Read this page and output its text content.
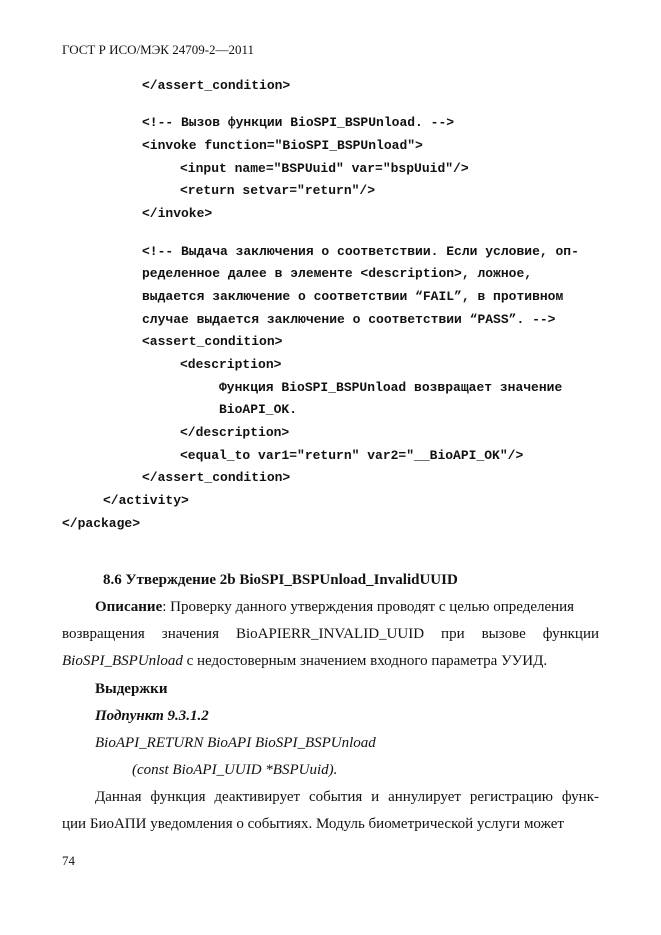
ГОСТ Р ИСО/МЭК 24709-2—2011
</assert_condition>
<!-- Вызов функции BioSPI_BSPUnload. -->
<invoke function="BioSPI_BSPUnload">
<input name="BSPUuid" var="bspUuid"/>
<return setvar="return"/>
</invoke>
<!-- Выдача заключения о соответствии. Если условие, оп-
ределенное далее в элементе <description>, ложное,
выдается заключение о соответствии “FAIL”, в противном
случае выдается заключение о соответствии “PASS”. -->
<assert_condition>
<description>
Функция BioSPI_BSPUnload возвращает значение
BioAPI_OK.
</description>
<equal_to var1="return" var2="__BioAPI_OK"/>
</assert_condition>
</activity>
</package>
8.6 Утверждение 2b BioSPI_BSPUnload_InvalidUUID
Описание: Проверку данного утверждения проводят с целью определения
возвращения значения BioAPIERR_INVALID_UUID при вызове функции
BioSPI_BSPUnload с недостоверным значением входного параметра УУИД.
Выдержки
Подпункт 9.3.1.2
BioAPI_RETURN BioAPI BioSPI_BSPUnload
(const BioAPI_UUID *BSPUuid).
Данная функция деактивирует события и аннулирует регистрацию функ-
ции БиоАПИ уведомления о событиях. Модуль биометрической услуги может
74
